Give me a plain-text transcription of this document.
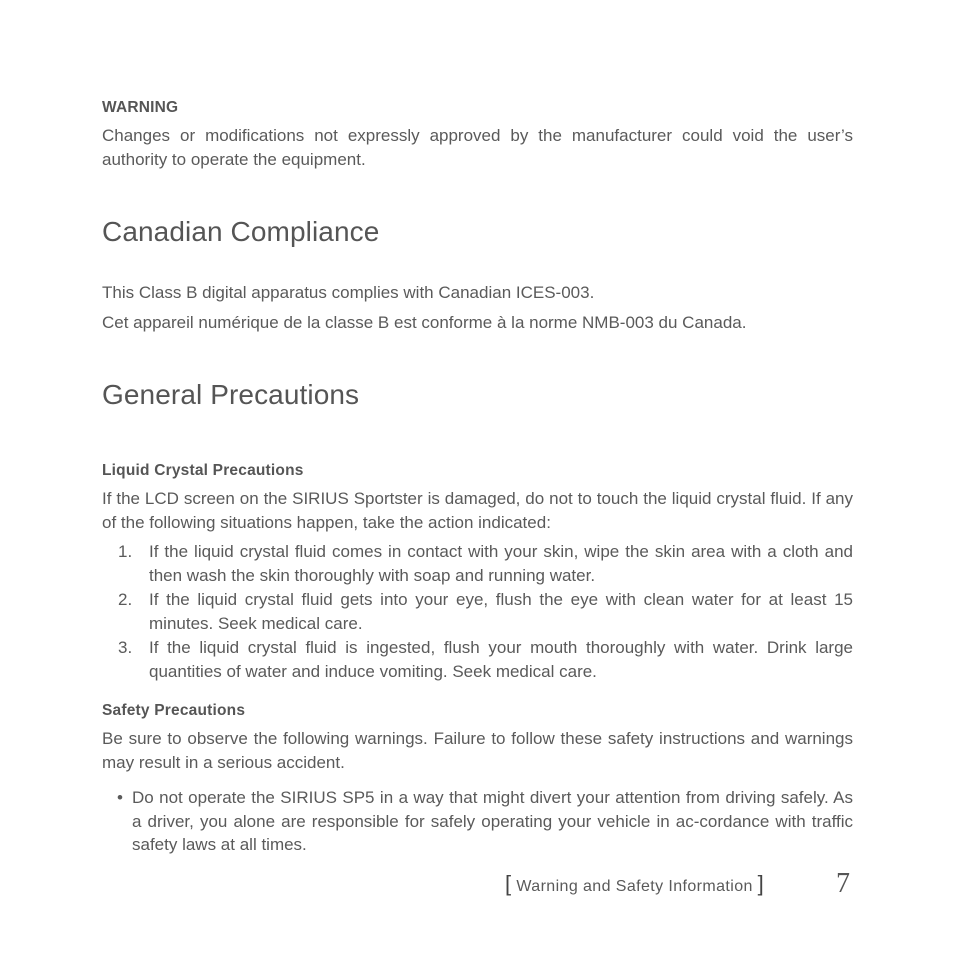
WARNING

Changes or modifications not expressly approved by the manufacturer could void the user’s authority to operate the equipment.

Canadian Compliance

This Class B digital apparatus complies with Canadian ICES-003.

Cet appareil numérique de la classe B est conforme à la norme NMB-003 du Canada.

General Precautions
Liquid Crystal Precautions

If the LCD screen on the SIRIUS Sportster is damaged, do not to touch the liquid crystal fluid. If any of the following situations happen, take the action indicated:

1. If the liquid crystal fluid comes in contact with your skin, wipe the skin area with a cloth and then wash the skin thoroughly with soap and running water.
2. If the liquid crystal fluid gets into your eye, flush the eye with clean water for at least 15 minutes. Seek medical care.
3. If the liquid crystal fluid is ingested, flush your mouth thoroughly with water. Drink large quantities of water and induce vomiting. Seek medical care.
Safety Precautions

Be sure to observe the following warnings. Failure to follow these safety instructions and warnings may result in a serious accident.

• Do not operate the SIRIUS SP5 in a way that might divert your attention from driving safely. As a driver, you alone are responsible for safely operating your vehicle in ac-cordance with traffic safety laws at all times.
[ Warning and Safety Information ]	7
